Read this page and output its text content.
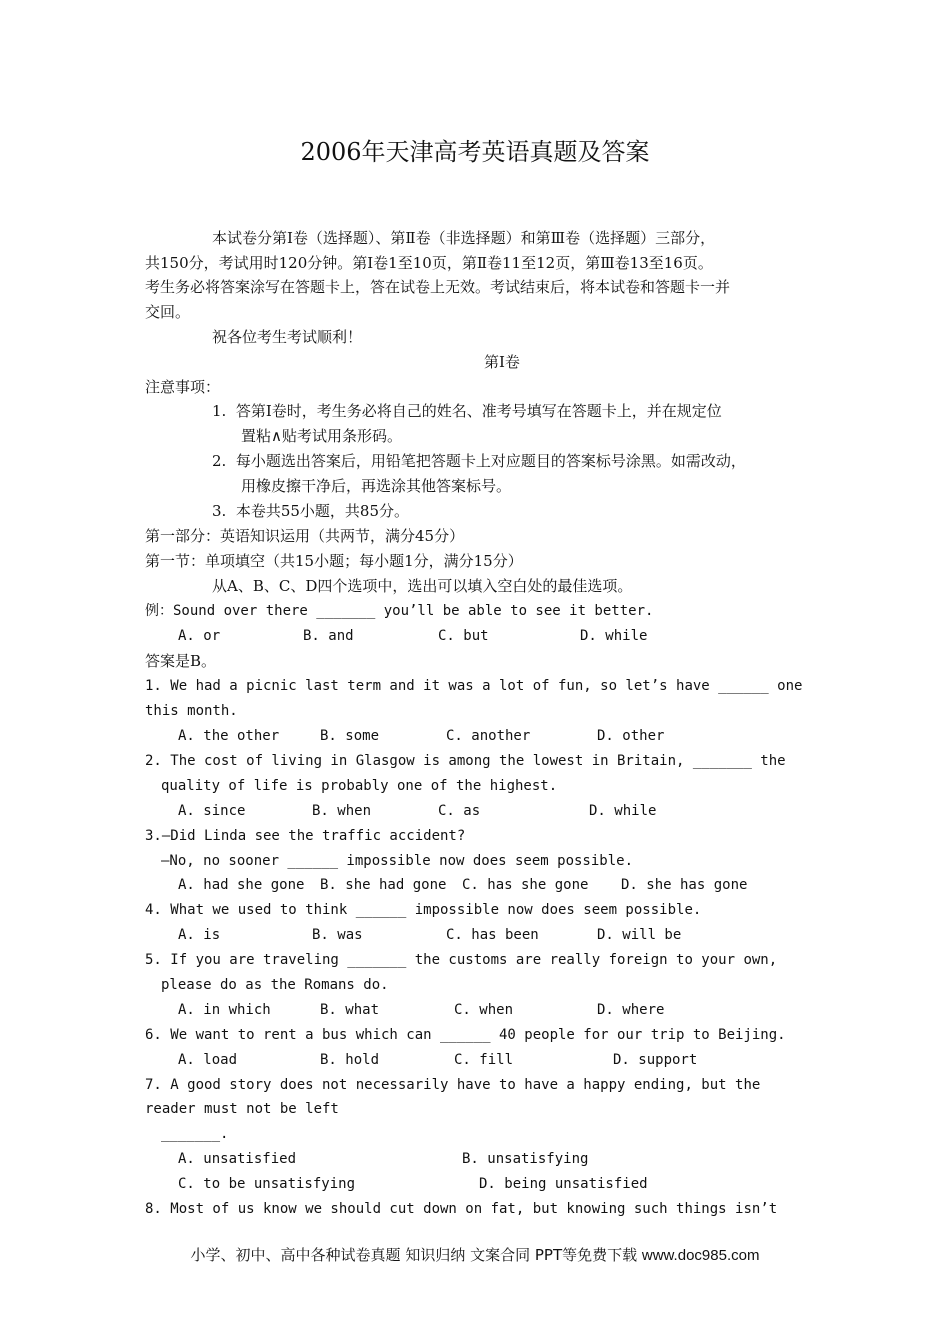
2006年天津高考英语真题及答案
本试卷分第Ⅰ卷（选择题）、第Ⅱ卷（非选择题）和第Ⅲ卷（选择题）三部分，
共150分，考试用时120分钟。第Ⅰ卷1至10页，第Ⅱ卷11至12页，第Ⅲ卷13至16页。
考生务必将答案涂写在答题卡上，答在试卷上无效。考试结束后，将本试卷和答题卡一并
交回。
祝各位考生考试顺利！
第Ⅰ卷
注意事项：
1.  答第Ⅰ卷时，考生务必将自己的姓名、准考号填写在答题卡上，并在规定位
置粘∧贴考试用条形码。
2.  每小题选出答案后，用铅笔把答题卡上对应题目的答案标号涂黑。如需改动，
用橡皮擦干净后，再选涂其他答案标号。
3.  本卷共55小题，共85分。
第一部分：英语知识运用（共两节，满分45分）
第一节：单项填空（共15小题；每小题1分，满分15分）
从A、B、C、D四个选项中，选出可以填入空白处的最佳选项。
例：Sound over there _______ you’ll be able to see it better.
A. or	B. and	C. but	D. while
答案是B。
1. We had a picnic last term and it was a lot of fun, so let’s have ______ one
this month.
A. the other	B. some	C. another	D. other
2. The cost of living in Glasgow is among the lowest in Britain, _______ the
quality of life is probably one of the highest.
A. since	B. when	C. as	D. while
3.—Did Linda see the traffic accident?
—No, no sooner ______ impossible now does seem possible.
A. had she gone B. she had gone C. has she gone D. she has gone
4. What we used to think ______ impossible now does seem possible.
A. is	B. was	C. has been	D. will be
5. If you are traveling _______ the customs are really foreign to your own,
please do as the Romans do.
A. in which	B. what	C. when	D. where
6. We want to rent a bus which can ______ 40 people for our trip to Beijing.
A. load	B. hold	C. fill	D. support
7. A good story does not necessarily have to have a happy ending, but the
reader must not be left
_______.
A. unsatisfied	B. unsatisfying
C. to be unsatisfying	D. being unsatisfied
8. Most of us know we should cut down on fat, but knowing such things isn’t
小学、初中、高中各种试卷真题 知识归纳 文案合同 PPT等免费下载 www.doc985.com
